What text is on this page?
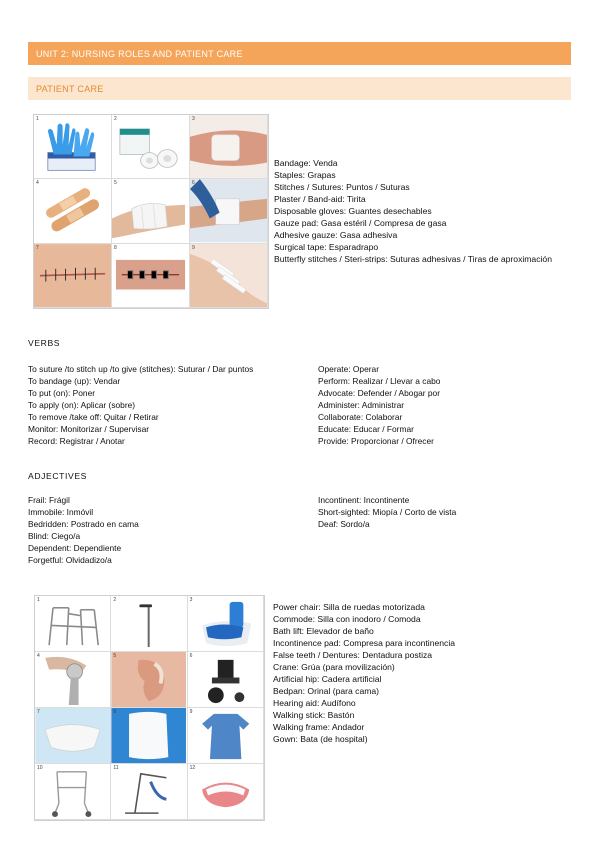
UNIT 2: NURSING ROLES AND PATIENT CARE
PATIENT CARE
1	2	3
4	5	6
7	8	9
Bandage: Venda
Staples: Grapas
Stitches / Sutures: Puntos / Suturas
Plaster / Band-aid: Tirita
Disposable gloves: Guantes desechables
Gauze pad: Gasa estéril / Compresa de gasa
Adhesive gauze: Gasa adhesiva
Surgical tape: Esparadrapo
Butterfly stitches / Steri-strips: Suturas adhesivas / Tiras de aproximación
VERBS
To suture /to stitch up /to give (stitches): Suturar / Dar puntos
To bandage (up): Vendar
To put (on): Poner
To apply (on): Aplicar (sobre)
To remove /take off: Quitar / Retirar
Monitor: Monitorizar / Supervisar
Record: Registrar / Anotar
Operate: Operar
Perform: Realizar / Llevar a cabo
Advocate: Defender / Abogar por
Administer: Administrar
Collaborate: Colaborar
Educate: Educar / Formar
Provide: Proporcionar / Ofrecer
ADJECTIVES
Frail: Frágil
Immobile: Inmóvil
Bedridden: Postrado en cama
Blind: Ciego/a
Dependent: Dependiente
Forgetful: Olvidadizo/a
Incontinent: Incontinente
Short-sighted: Miopía / Corto de vista
Deaf: Sordo/a
1	2	3
4	5	6
7	8	9
10	11	12
Power chair: Silla de ruedas motorizada
Commode: Silla con inodoro / Comoda
Bath lift: Elevador de baño
Incontinence pad: Compresa para incontinencia
False teeth / Dentures: Dentadura postiza
Crane: Grúa (para movilización)
Artificial hip: Cadera artificial
Bedpan: Orinal (para cama)
Hearing aid: Audífono
Walking stick: Bastón
Walking frame: Andador
Gown: Bata (de hospital)
